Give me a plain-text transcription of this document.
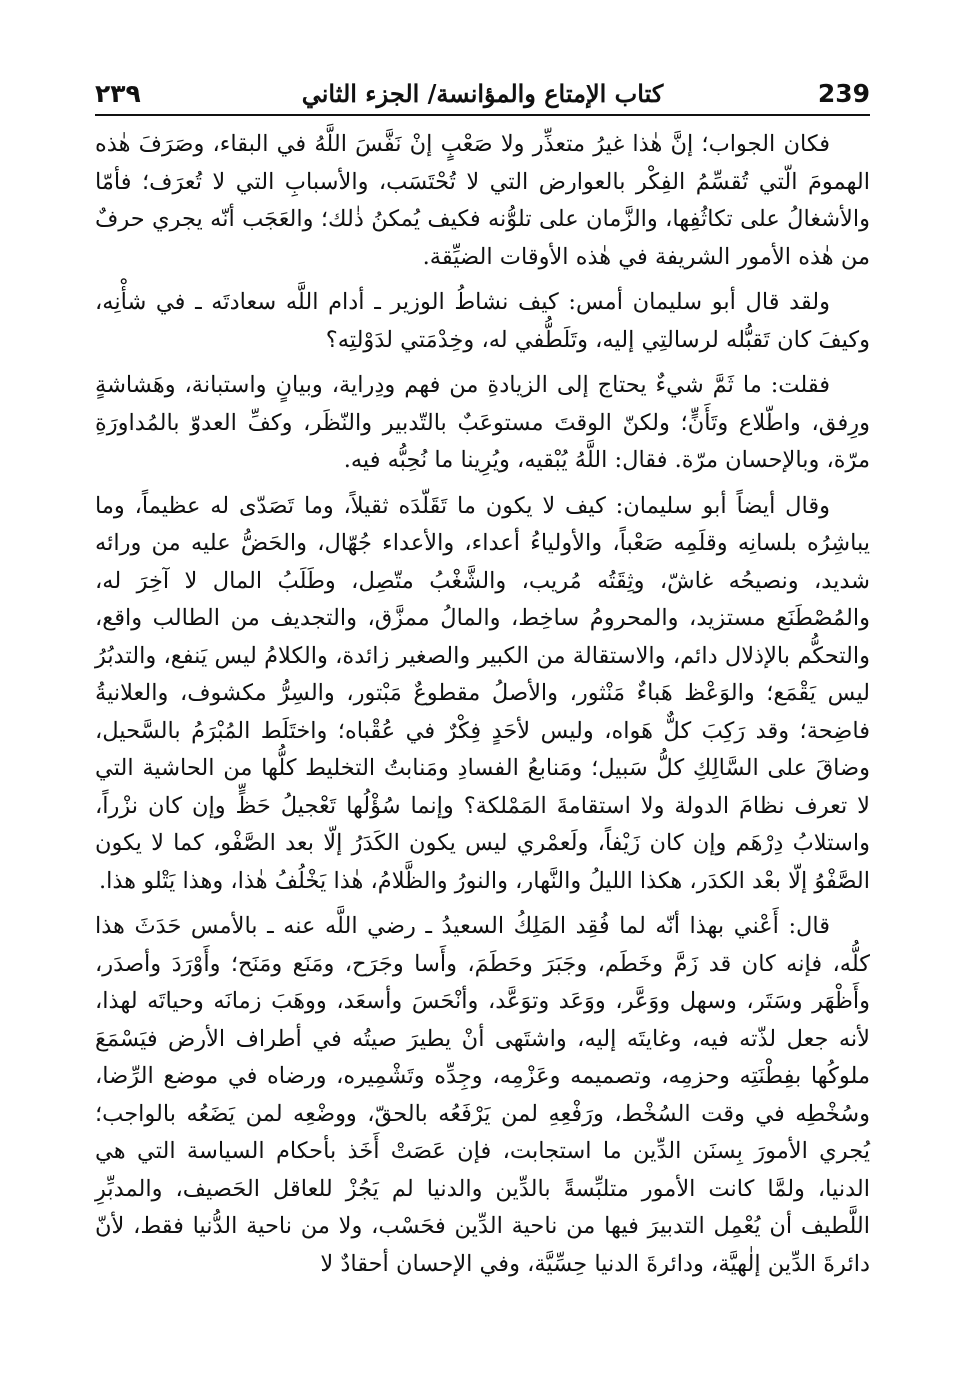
٢٣٩	كتاب الإمتاع والمؤانسة/ الجزء الثاني	239

فكان الجواب؛ إنَّ هٰذا غيرُ متعذِّر ولا صَعْبٍ إنْ نَفَّسَ اللَّهُ في البقاء، وصَرَفَ هٰذه الهمومَ الّتي تُقسِّمُ الفِكْر بالعوارض التي لا تُحْتَسَب، والأسبابِ التي لا تُعرَف؛ فأمّا والأشغالُ على تكاثُفِها، والزَّمان على تلوُّنه فكيف يُمكنُ ذٰلك؛ والعَجَب أنّه يجري حرفٌ من هٰذه الأمور الشريفة في هٰذه الأوقات الضيِّقة.

ولقد قال أبو سليمان أمس: كيف نشاطُ الوزير ـ أدام اللَّه سعادتَه ـ في شأْنِه، وكيفَ كان تَقبُّله لرسالتِي إليه، وتَلَطُّفي له، وخِدْمَتي لدَوْلتِه؟

فقلت: ما ثَمَّ شيءٌ يحتاج إلى الزيادةِ من فهم ودِراية، وبيانٍ واستبانة، وهَشاشةٍ ورِفق، واطّلاع وتَأَنٍّ؛ ولكنّ الوقتَ مستوعَبٌ بالتّدبير والنّظَر، وكفِّ العدوّ بالمُداورَةِ مرّة، وبالإحسان مرّة. فقال: اللَّهُ يُبْقيه، ويُرِينا ما نُحِبُّه فيه.

وقال أيضاً أبو سليمان: كيف لا يكون ما تَقَلّدَه ثقيلاً، وما تَصَدّى له عظيماً، وما يباشِرُه بلسانِه وقلَمِه صَعْباً، والأولياءُ أعداء، والأعداء جُهّال، والحَضُّ عليه من ورائه شديد، ونصيحُه غاشّ، وثِقَتُه مُريب، والشَّغْبُ متّصِل، وطَلَبُ المال لا آخِرَ له، والمُصْطَنَع مستزيد، والمحرومُ ساخِط، والمالُ ممزَّق، والتجديف من الطالب واقع، والتحكُّم بالإذلال دائم، والاستقالة من الكبير والصغير زائدة، والكلامُ ليس يَنفع، والتدبُرُ ليس يَقْمَع؛ والوَعْظ هَباءٌ مَنْثور، والأصلُ مقطوعٌ مَبْتور، والسِرُّ مكشوف، والعلانيةُ فاضِحة؛ وقد رَكِبَ كلٌّ هَواه، وليس لأحَدٍ فِكْرٌ في عُقْباه؛ واختَلَط المُبْرَمُ بالسَّحيل، وضاقَ على السَّالِكِ كلُّ سَبيل؛ ومَنابعُ الفسادِ ومَنابتُ التخليط كلُّها من الحاشية التي لا تعرف نظامَ الدولة ولا استقامةَ المَمْلكة؟ وإنما سُؤْلُها تَعْجيلُ حَظٍّ وإن كان نزْراً، واستلابُ دِرْهَم وإن كان زَيْفاً، ولَعمْري ليس يكون الكَدَرُ إلّا بعد الصَّفْو، كما لا يكون الصَّفْوُ إلّا بعْد الكدَر، هكذا الليلُ والنَّهار، والنورُ والظَّلامُ، هٰذا يَخْلُفُ هٰذا، وهذا يَتْلو هذا.

قال: أَعْني بهذا أنّه لما فُقِد المَلِكُ السعيدُ ـ رضي اللَّه عنه ـ بالأمس حَدَثَ هذا كلُّه، فإنه كان قد زَمَّ وخَطَم، وجَبَرَ وحَطَمَ، وأَسا وجَرَح، ومَنَع ومَنَح؛ وأَوْرَدَ وأصدَر، وأَظْهَر وسَتَر، وسهل ووَعَّر، ووَعَد وتوَعَّد، وأنْحَسَ وأسعَد، ووهَبَ زمانَه وحياتَه لهذا، لأنه جعل لذّته فيه، وغايتَه إليه، واشتَهى أنْ يطيرَ صيتُه في أطراف الأرض فيَسْمَعَ ملوكُها بفِطْنَتِه وحزمِه، وتصميمه وعَزْمِه، وجِدِّه وتَشْمِيره، ورضاه في موضع الرِّضا، وسُخْطِه في وقت السُخْط، ورَفْعِهِ لمن يَرْفَعُه بالحقّ، ووضْعِه لمن يَضَعُه بالواجب؛ يُجري الأمورَ بِسنَن الدِّين ما استجابت، فإن عَصَتْ أَخَذ بأحكام السياسة التي هي الدنيا، ولمَّا كانت الأمور متلبِّسةً بالدِّين والدنيا لم يَجُزْ للعاقل الحَصيف، والمدبِّرِ اللَّطيف أن يُعْمِل التدبيرَ فيها من ناحية الدِّين فحَسْب، ولا من ناحية الدُّنيا فقط، لأنّ دائرةَ الدِّين إلٰهيَّة، ودائرةَ الدنيا حِسِّيَّة، وفي الإحسان أحقادٌ لا
